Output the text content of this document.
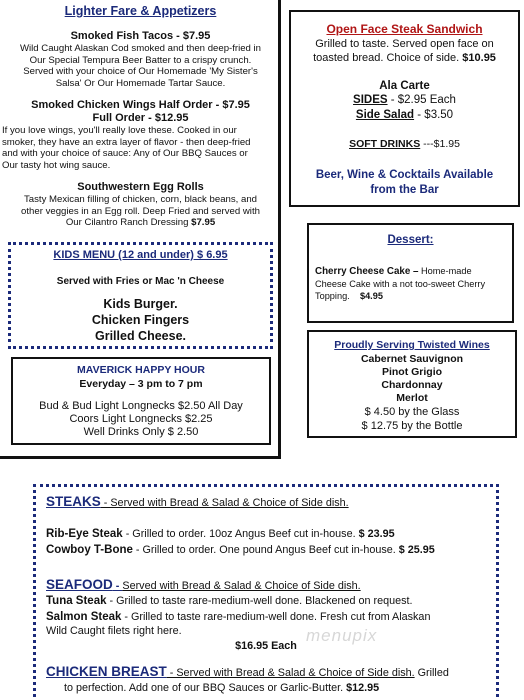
Lighter Fare & Appetizers
Smoked Fish Tacos - $7.95
Wild Caught Alaskan Cod smoked and then deep-fried in
Our Special Tempura Beer Batter to a crispy crunch.
Served with your choice of Our Homemade 'My Sister's
Salsa' Or Our Homemade Tartar Sauce.
Smoked Chicken Wings Half Order - $7.95
Full Order - $12.95
If you love wings, you'll really love these. Cooked in our
smoker, they have an extra layer of flavor - then deep-fried
and with your choice of sauce: Any of Our BBQ Sauces or
Our tasty hot wing sauce.
Southwestern Egg Rolls
Tasty Mexican filling of chicken, corn, black beans, and
other veggies in an Egg roll. Deep Fried and served with
Our Cilantro Ranch Dressing $7.95
KIDS MENU (12 and under) $ 6.95
Served with Fries or Mac 'n Cheese
Kids Burger.
Chicken Fingers
Grilled Cheese.
MAVERICK HAPPY HOUR
Everyday – 3 pm to 7 pm
Bud & Bud Light Longnecks $2.50 All Day
Coors Light Longnecks $2.25
Well Drinks Only $ 2.50
Open Face Steak Sandwich
Grilled to taste. Served open face on
toasted bread. Choice of side. $10.95
Ala Carte
SIDES - $2.95 Each
Side Salad - $3.50
SOFT DRINKS ---$1.95
Beer, Wine & Cocktails Available
from the Bar
Dessert:
Cherry Cheese Cake – Home-made
Cheese Cake with a not too-sweet Cherry
Topping. $4.95
Proudly Serving Twisted Wines
Cabernet Sauvignon
Pinot Grigio
Chardonnay
Merlot
$ 4.50 by the Glass
$ 12.75 by the Bottle
STEAKS - Served with Bread & Salad & Choice of Side dish.
Rib-Eye Steak - Grilled to order. 10oz Angus Beef cut in-house. $ 23.95
Cowboy T-Bone - Grilled to order. One pound Angus Beef cut in-house. $ 25.95
SEAFOOD - Served with Bread & Salad & Choice of Side dish.
Tuna Steak - Grilled to taste rare-medium-well done. Blackened on request.
Salmon Steak - Grilled to taste rare-medium-well done. Fresh cut from Alaskan
Wild Caught filets right here.
$16.95 Each
CHICKEN BREAST - Served with Bread & Salad & Choice of Side dish. Grilled
to perfection. Add one of our BBQ Sauces or Garlic-Butter. $12.95
menupix
